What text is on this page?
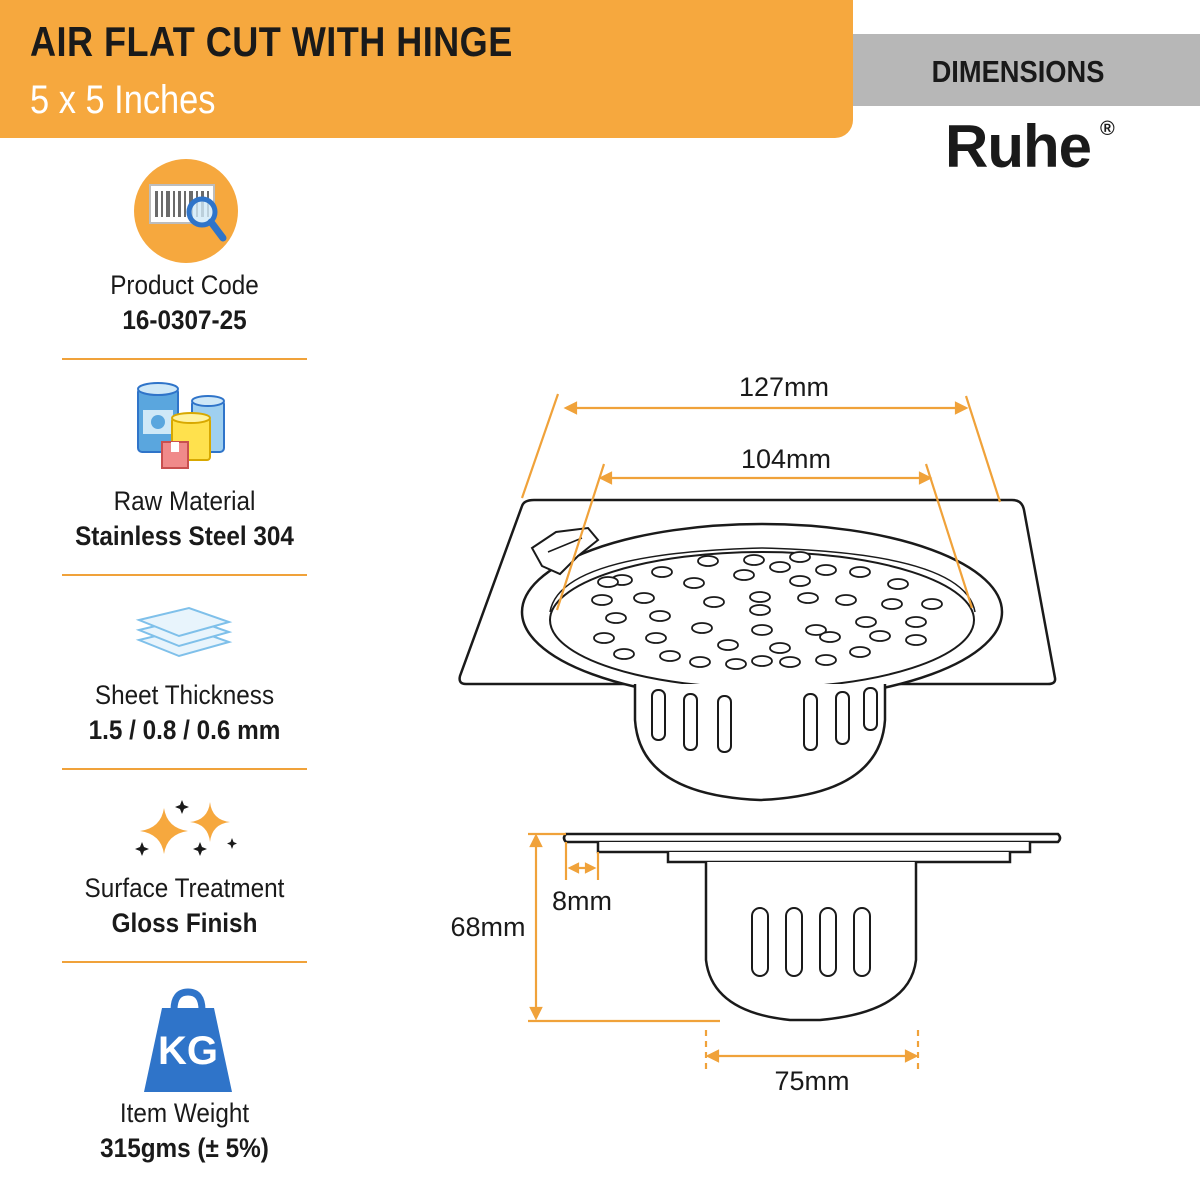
AIR FLAT CUT WITH HINGE
5 x 5 Inches
DIMENSIONS
Ruhe ®
Product Code
16-0307-25
Raw Material
Stainless Steel 304
Sheet Thickness
1.5 / 0.8 / 0.6 mm
Surface Treatment
Gloss Finish
KG
Item Weight
315gms (± 5%)
127mm
104mm
68mm
8mm
75mm
